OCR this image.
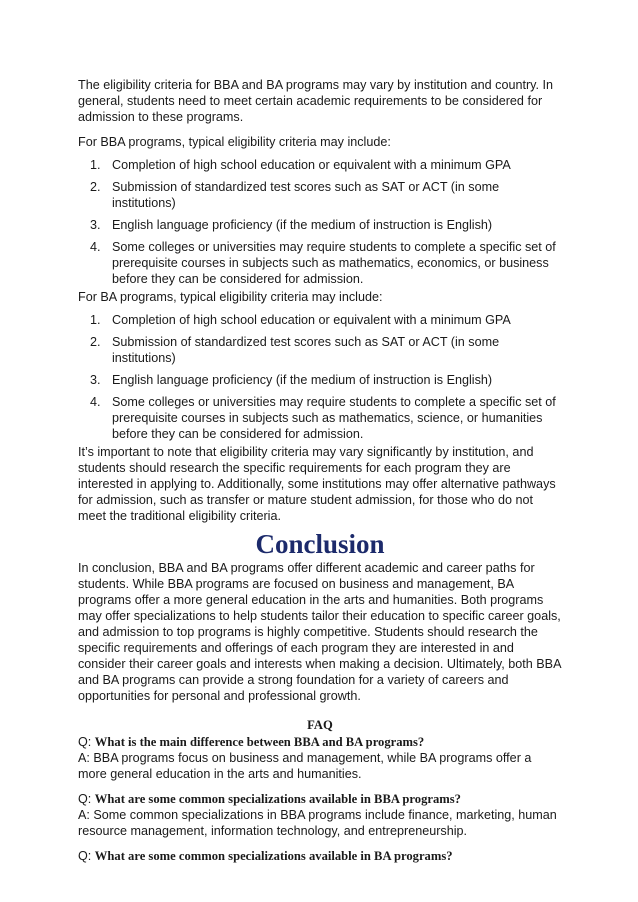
The eligibility criteria for BBA and BA programs may vary by institution and country. In general, students need to meet certain academic requirements to be considered for admission to these programs.

For BBA programs, typical eligibility criteria may include:

1. Completion of high school education or equivalent with a minimum GPA
2. Submission of standardized test scores such as SAT or ACT (in some institutions)
3. English language proficiency (if the medium of instruction is English)
4. Some colleges or universities may require students to complete a specific set of prerequisite courses in subjects such as mathematics, economics, or business before they can be considered for admission.

For BA programs, typical eligibility criteria may include:

1. Completion of high school education or equivalent with a minimum GPA
2. Submission of standardized test scores such as SAT or ACT (in some institutions)
3. English language proficiency (if the medium of instruction is English)
4. Some colleges or universities may require students to complete a specific set of prerequisite courses in subjects such as mathematics, science, or humanities before they can be considered for admission.

It’s important to note that eligibility criteria may vary significantly by institution, and students should research the specific requirements for each program they are interested in applying to. Additionally, some institutions may offer alternative pathways for admission, such as transfer or mature student admission, for those who do not meet the traditional eligibility criteria.

Conclusion

In conclusion, BBA and BA programs offer different academic and career paths for students. While BBA programs are focused on business and management, BA programs offer a more general education in the arts and humanities. Both programs may offer specializations to help students tailor their education to specific career goals, and admission to top programs is highly competitive. Students should research the specific requirements and offerings of each program they are interested in and consider their career goals and interests when making a decision. Ultimately, both BBA and BA programs can provide a strong foundation for a variety of careers and opportunities for personal and professional growth.

FAQ

Q: What is the main difference between BBA and BA programs?

A: BBA programs focus on business and management, while BA programs offer a more general education in the arts and humanities.

Q: What are some common specializations available in BBA programs?

A: Some common specializations in BBA programs include finance, marketing, human resource management, information technology, and entrepreneurship.

Q: What are some common specializations available in BA programs?
